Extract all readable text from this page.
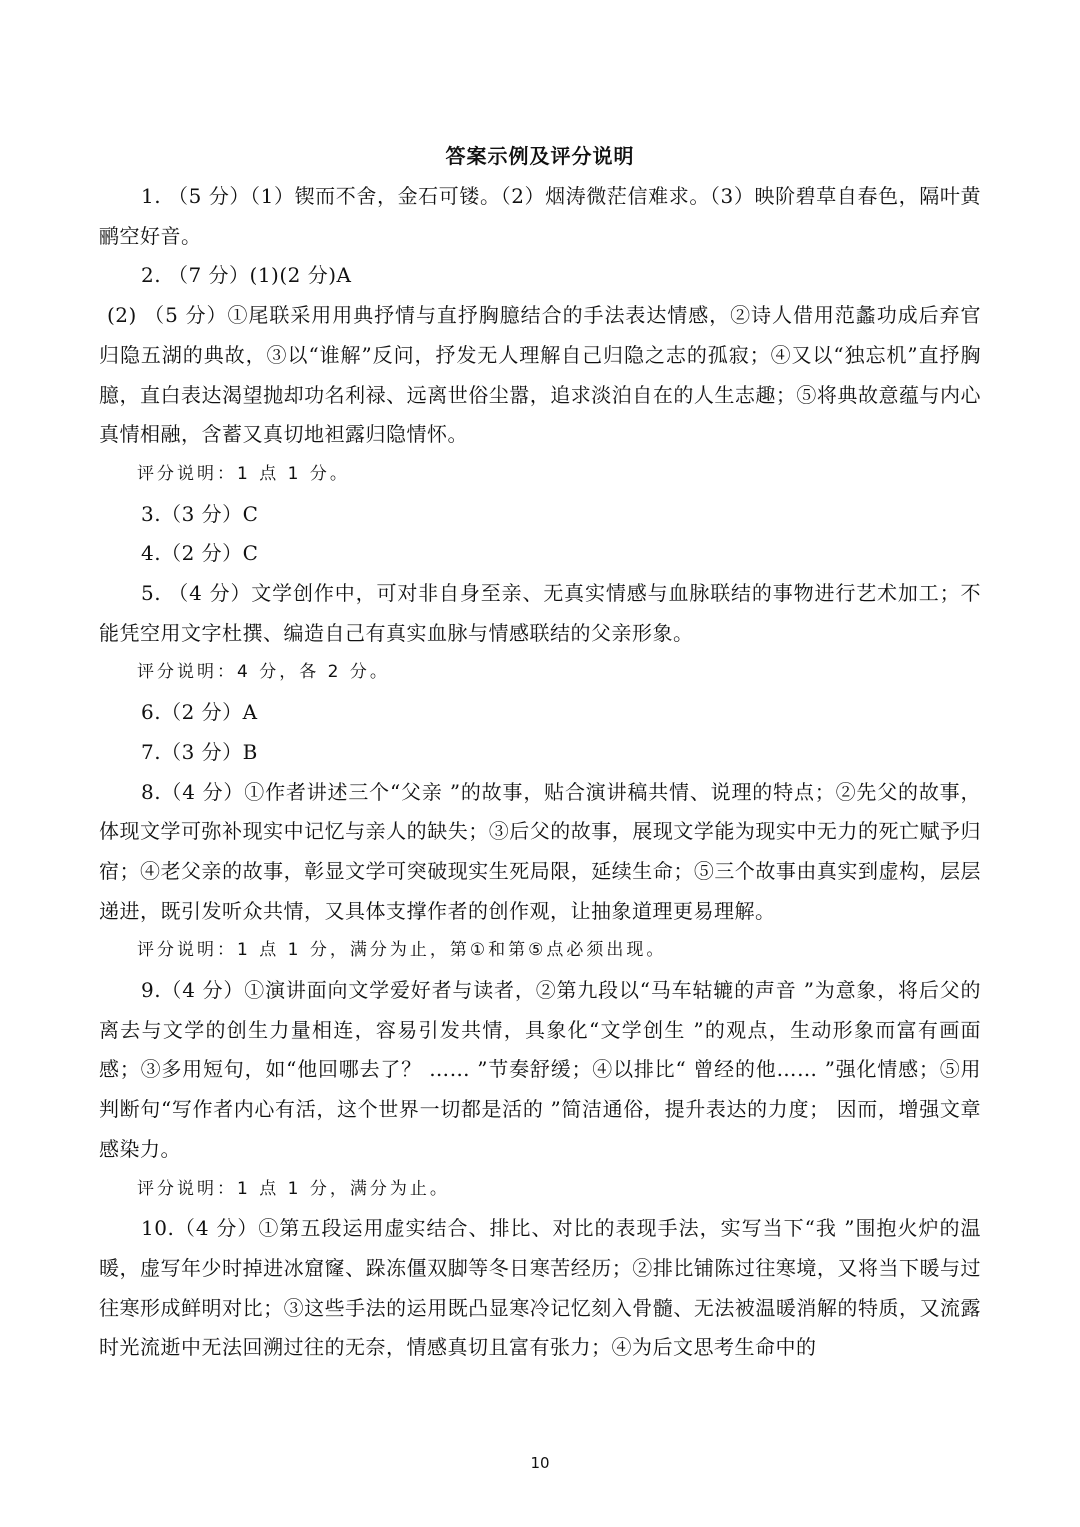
答案示例及评分说明

1. （5 分）（1）锲而不舍，金石可镂。（2）烟涛微茫信难求。（3）映阶碧草自春色，隔叶黄鹂空好音。

2. （7 分）(1)(2 分)A

(2) （5 分）①尾联采用用典抒情与直抒胸臆结合的手法表达情感，②诗人借用范蠡功成后弃官归隐五湖的典故，③以“谁解”反问，抒发无人理解自己归隐之志的孤寂；④又以“独忘机”直抒胸臆，直白表达渴望抛却功名利禄、远离世俗尘嚣，追求淡泊自在的人生志趣；⑤将典故意蕴与内心真情相融，含蓄又真切地袒露归隐情怀。

评分说明：1 点 1 分。

3.（3 分）C

4.（2 分）C

5. （4 分）文学创作中，可对非自身至亲、无真实情感与血脉联结的事物进行艺术加工；不能凭空用文字杜撰、编造自己有真实血脉与情感联结的父亲形象。

评分说明：4 分，各 2 分。

6.（2 分）A

7.（3 分）B

8.（4 分）①作者讲述三个“父亲 ”的故事，贴合演讲稿共情、说理的特点；②先父的故事，体现文学可弥补现实中记忆与亲人的缺失；③后父的故事，展现文学能为现实中无力的死亡赋予归宿；④老父亲的故事，彰显文学可突破现实生死局限，延续生命；⑤三个故事由真实到虚构，层层递进，既引发听众共情，又具体支撑作者的创作观，让抽象道理更易理解。

评分说明：1 点 1 分，满分为止，第①和第⑤点必须出现。

9.（4 分）①演讲面向文学爱好者与读者，②第九段以“马车轱辘的声音 ”为意象，将后父的离去与文学的创生力量相连，容易引发共情，具象化“文学创生 ”的观点，生动形象而富有画面感；③多用短句，如“他回哪去了？ …… ”节奏舒缓；④以排比“ 曾经的他…… ”强化情感；⑤用判断句“写作者内心有活，这个世界一切都是活的 ”简洁通俗，提升表达的力度； 因而，增强文章感染力。

评分说明：1 点 1 分，满分为止。

10.（4 分）①第五段运用虚实结合、排比、对比的表现手法，实写当下“我 ”围抱火炉的温暖，虚写年少时掉进冰窟窿、跺冻僵双脚等冬日寒苦经历；②排比铺陈过往寒境，又将当下暖与过往寒形成鲜明对比；③这些手法的运用既凸显寒冷记忆刻入骨髓、无法被温暖消解的特质，又流露时光流逝中无法回溯过往的无奈，情感真切且富有张力；④为后文思考生命中的

10
